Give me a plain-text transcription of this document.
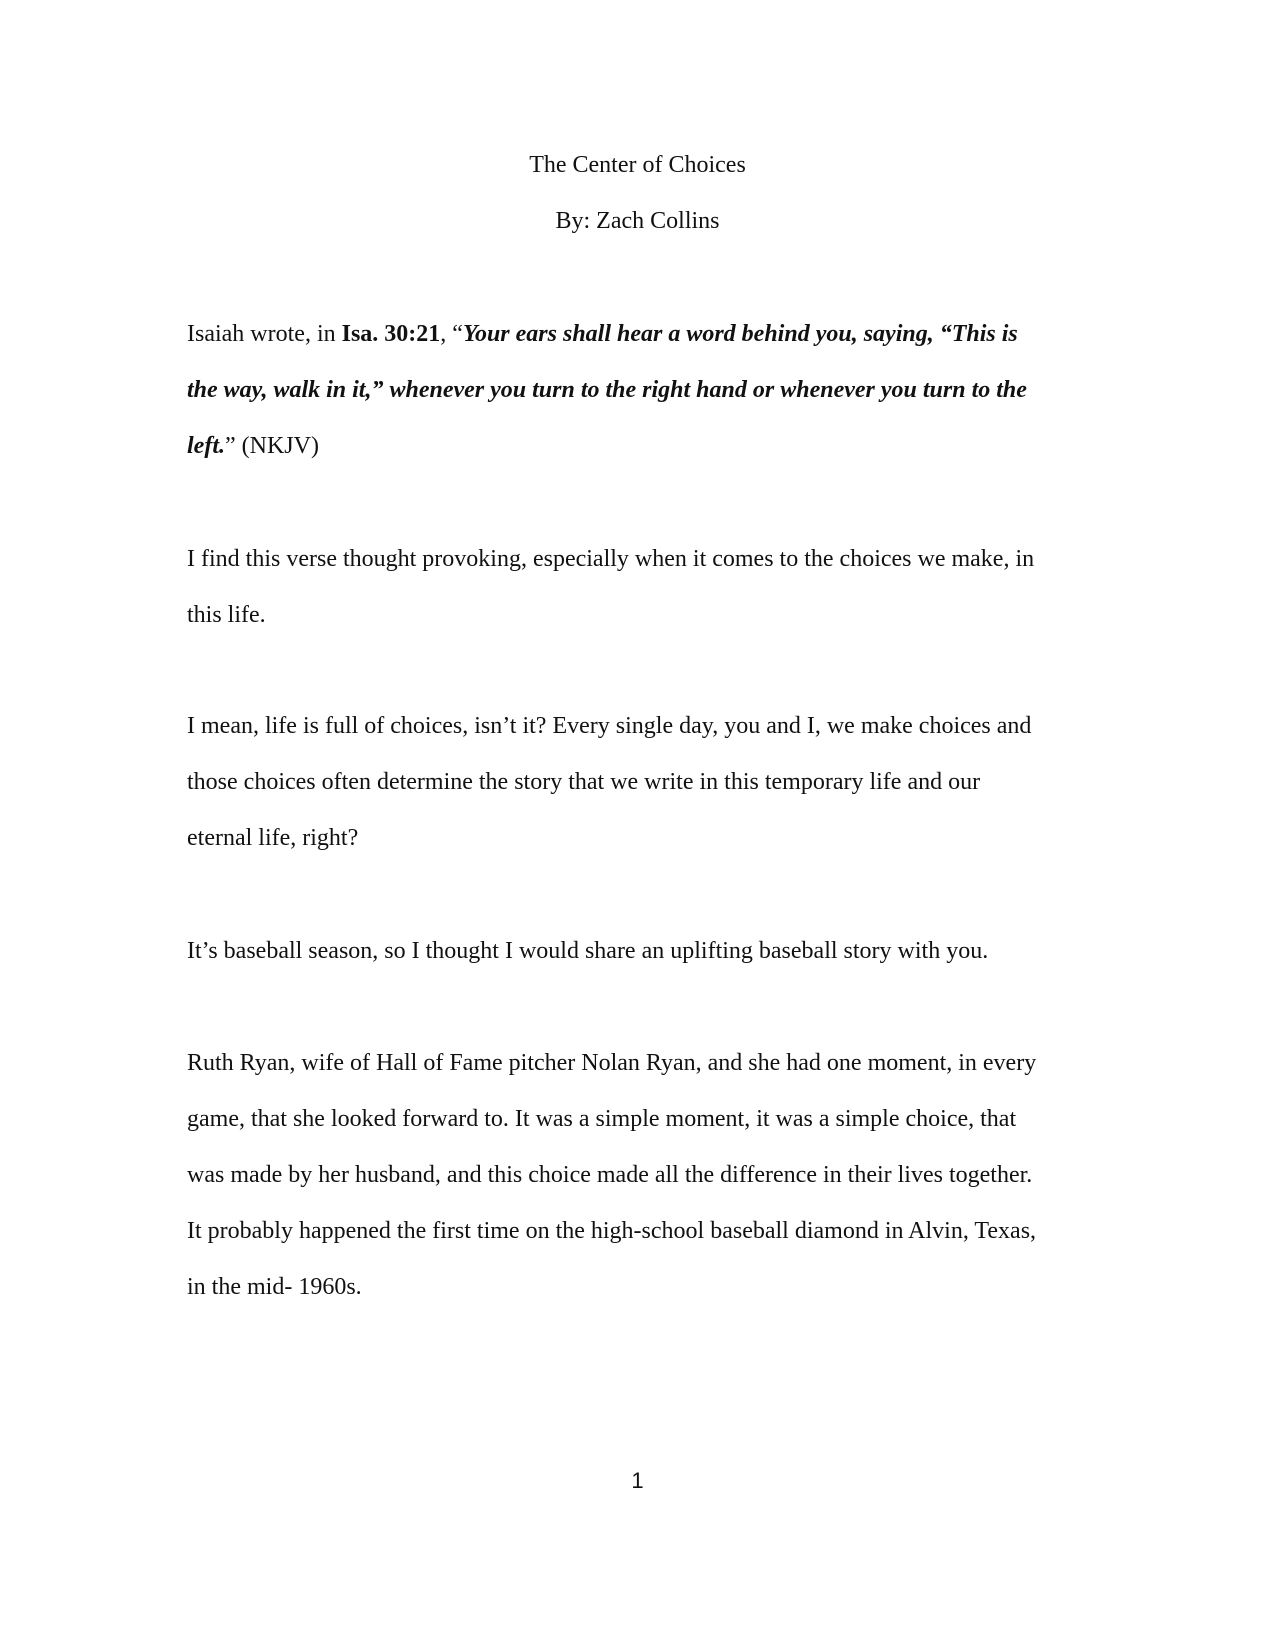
The Center of Choices
By: Zach Collins
Isaiah wrote, in Isa. 30:21, “Your ears shall hear a word behind you, saying, “This is
the way, walk in it,” whenever you turn to the right hand or whenever you turn to the
left.” (NKJV)
I find this verse thought provoking, especially when it comes to the choices we make, in
this life.
I mean, life is full of choices, isn’t it? Every single day, you and I, we make choices and
those choices often determine the story that we write in this temporary life and our
eternal life, right?
It’s baseball season, so I thought I would share an uplifting baseball story with you.
Ruth Ryan, wife of Hall of Fame pitcher Nolan Ryan, and she had one moment, in every
game, that she looked forward to. It was a simple moment, it was a simple choice, that
was made by her husband, and this choice made all the difference in their lives together.
It probably happened the first time on the high-school baseball diamond in Alvin, Texas,
in the mid- 1960s.
1
